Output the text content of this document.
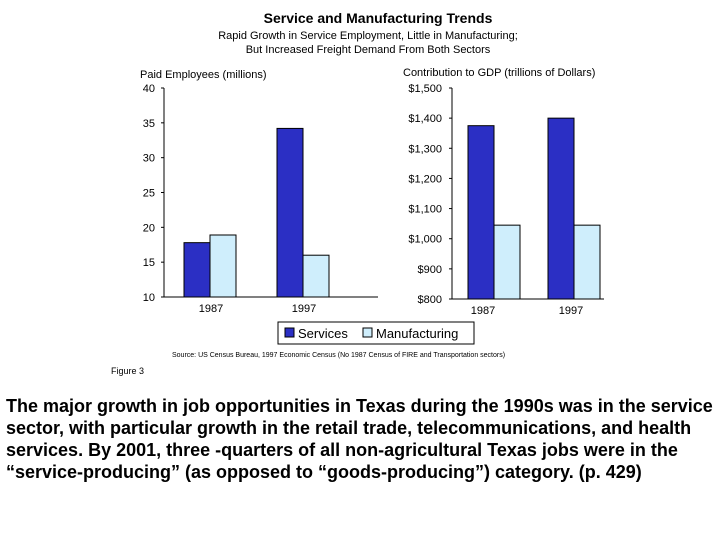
Service and Manufacturing Trends
Rapid Growth in Service Employment, Little in Manufacturing;
But Increased Freight Demand From Both Sectors
Paid Employees (millions)
10
15
20
25
30
35
40
1987	1997
Contribution to GDP (trillions of Dollars)
$800
$900
$1,000
$1,100
$1,200
$1,300
$1,400
$1,500
1987	1997
Services Manufacturing
Source: US Census Bureau, 1997 Economic Census (No 1987 Census of FIRE and Transportation sectors)
Figure 3
The major growth in job opportunities in Texas during the 1990s was in the service sector, with particular growth in the retail trade, telecommunications, and health services. By 2001, three -quarters of all non-agricultural Texas jobs were in the “service-producing” (as opposed to “goods-producing”) category. (p. 429)
